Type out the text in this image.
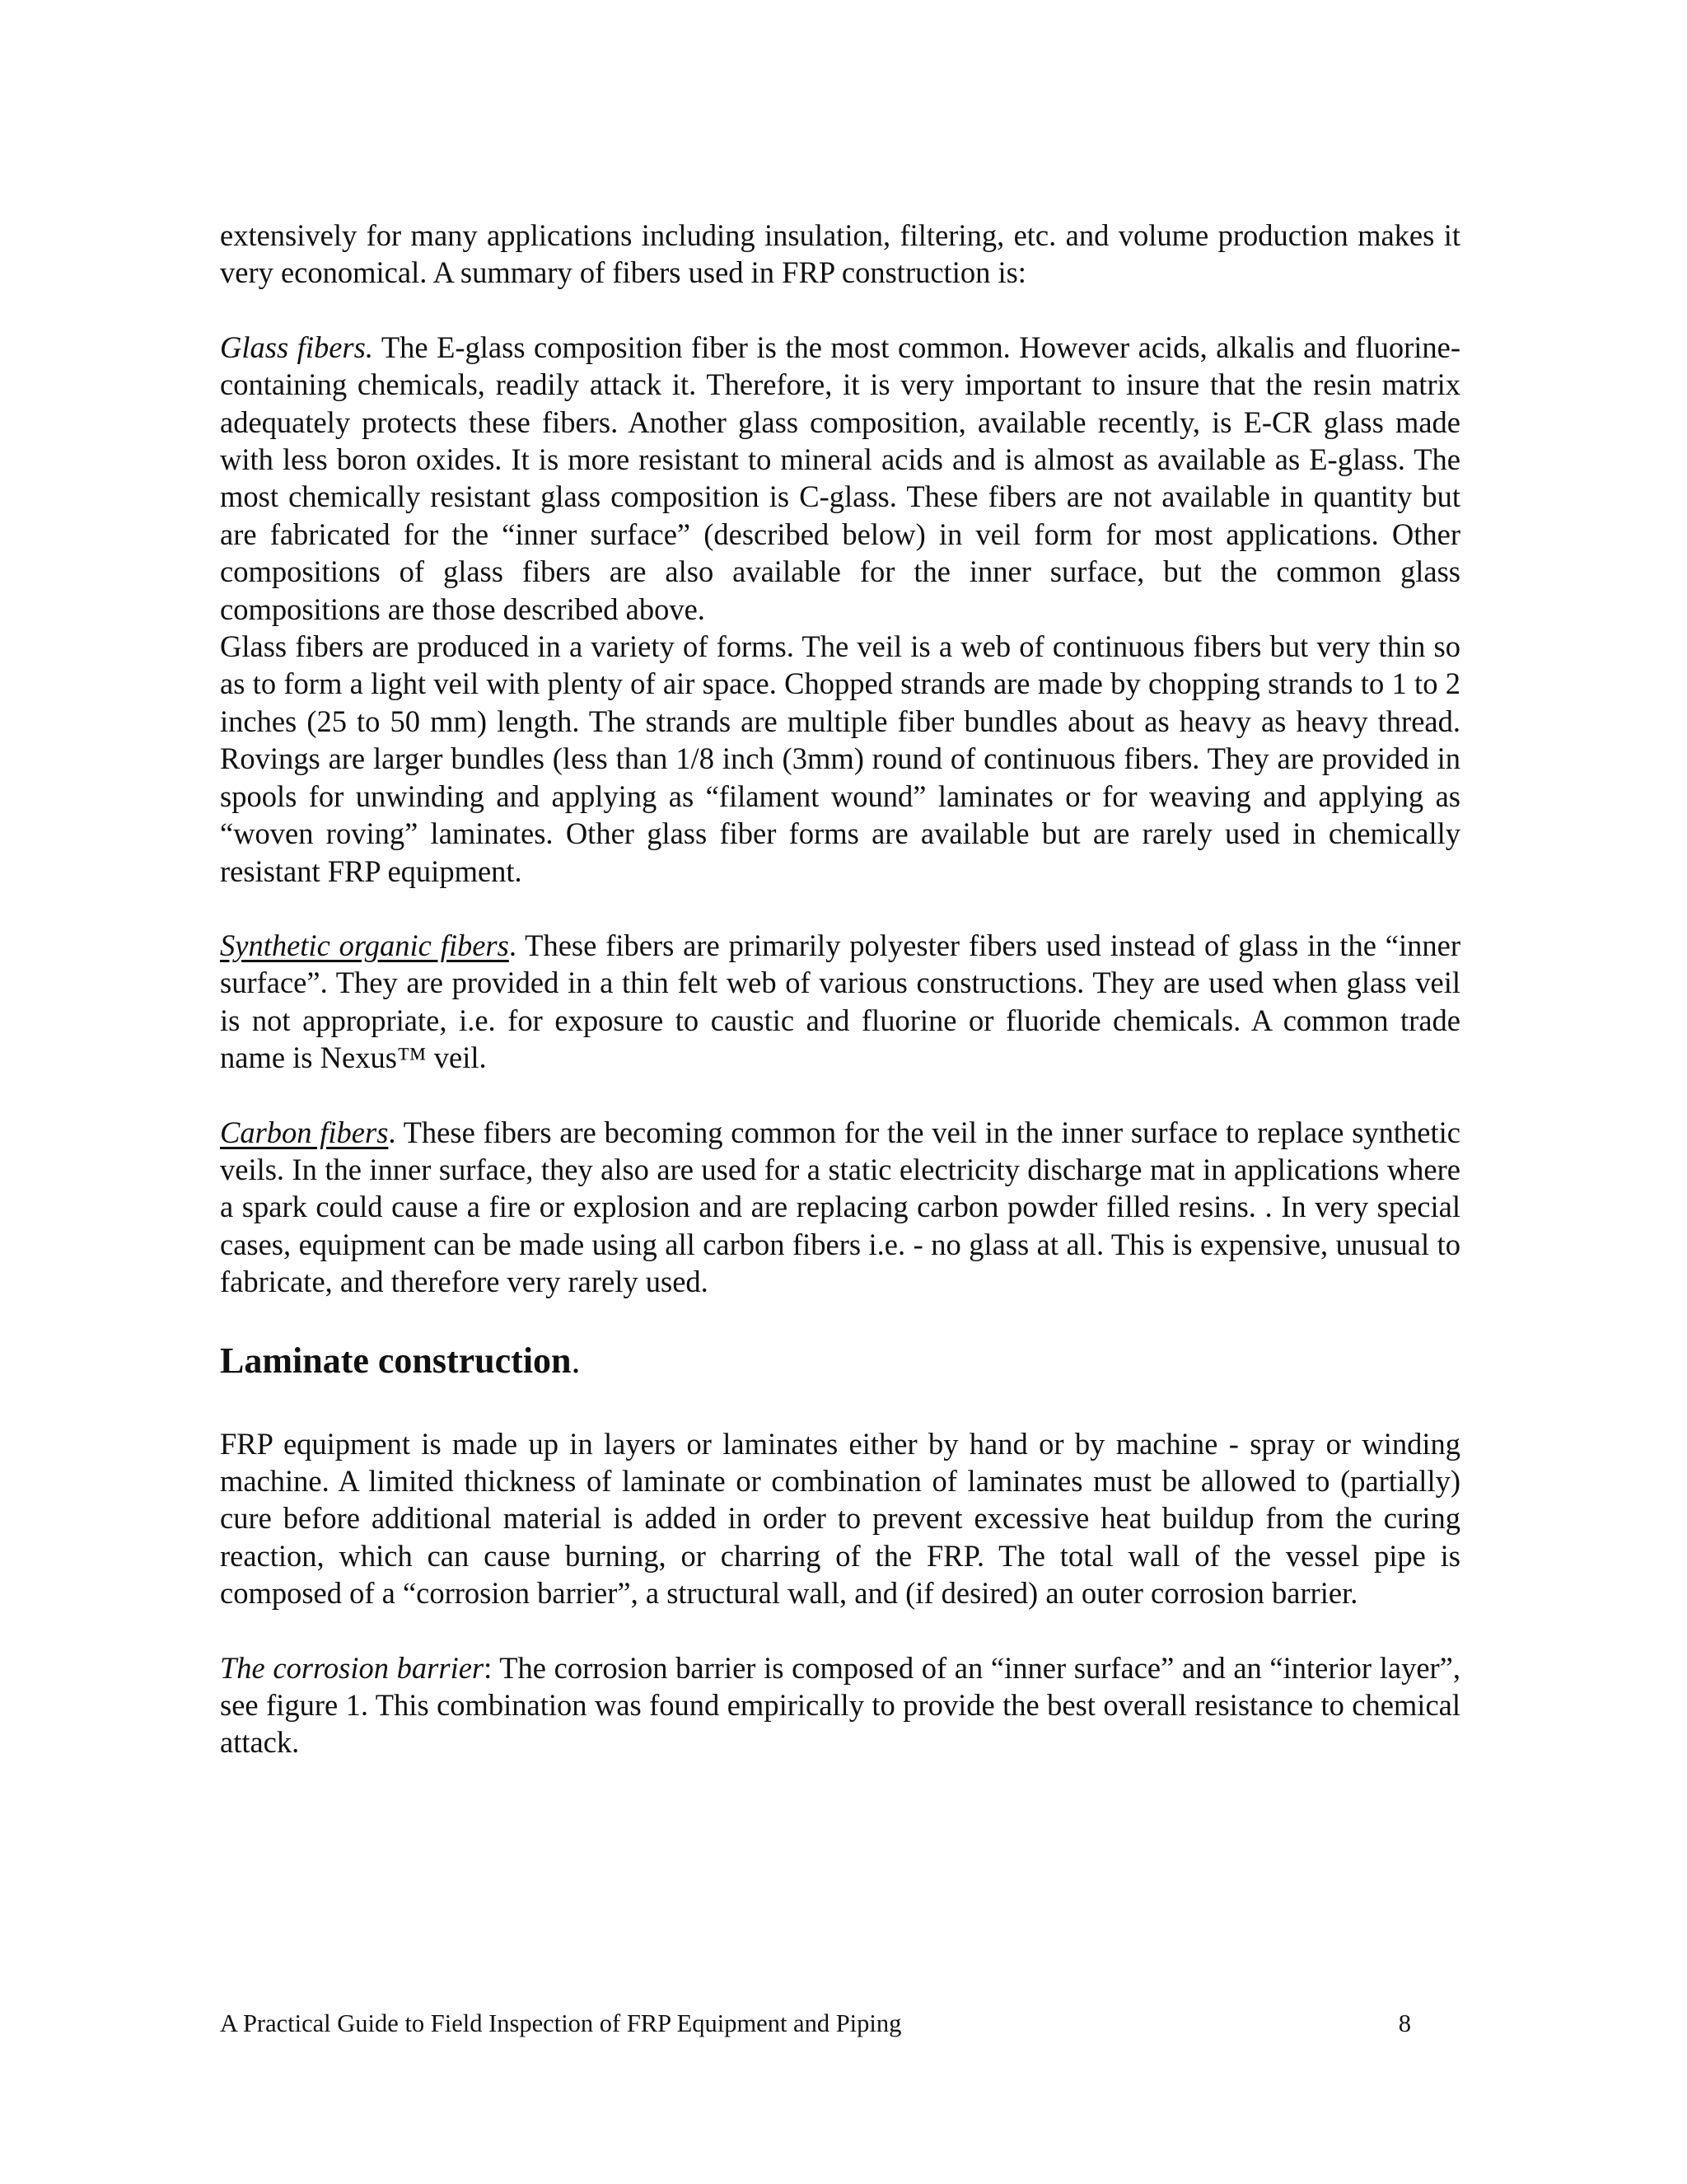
extensively for many applications including insulation, filtering, etc. and volume production makes it very economical. A summary of fibers used in FRP construction is:

Glass fibers. The E-glass composition fiber is the most common. However acids, alkalis and fluorine-containing chemicals, readily attack it. Therefore, it is very important to insure that the resin matrix adequately protects these fibers. Another glass composition, available recently, is E-CR glass made with less boron oxides. It is more resistant to mineral acids and is almost as available as E-glass. The most chemically resistant glass composition is C-glass. These fibers are not available in quantity but are fabricated for the “inner surface” (described below) in veil form for most applications. Other compositions of glass fibers are also available for the inner surface, but the common glass compositions are those described above.

Glass fibers are produced in a variety of forms. The veil is a web of continuous fibers but very thin so as to form a light veil with plenty of air space. Chopped strands are made by chopping strands to 1 to 2 inches (25 to 50 mm) length. The strands are multiple fiber bundles about as heavy as heavy thread. Rovings are larger bundles (less than 1/8 inch (3mm) round of continuous fibers. They are provided in spools for unwinding and applying as “filament wound” laminates or for weaving and applying as “woven roving” laminates. Other glass fiber forms are available but are rarely used in chemically resistant FRP equipment.

Synthetic organic fibers. These fibers are primarily polyester fibers used instead of glass in the “inner surface”. They are provided in a thin felt web of various constructions. They are used when glass veil is not appropriate, i.e. for exposure to caustic and fluorine or fluoride chemicals. A common trade name is Nexus™ veil.

Carbon fibers. These fibers are becoming common for the veil in the inner surface to replace synthetic veils. In the inner surface, they also are used for a static electricity discharge mat in applications where a spark could cause a fire or explosion and are replacing carbon powder filled resins. . In very special cases, equipment can be made using all carbon fibers i.e. - no glass at all. This is expensive, unusual to fabricate, and therefore very rarely used.

Laminate construction.

FRP equipment is made up in layers or laminates either by hand or by machine - spray or winding machine. A limited thickness of laminate or combination of laminates must be allowed to (partially) cure before additional material is added in order to prevent excessive heat buildup from the curing reaction, which can cause burning, or charring of the FRP. The total wall of the vessel pipe is composed of a “corrosion barrier”, a structural wall, and (if desired) an outer corrosion barrier.

The corrosion barrier: The corrosion barrier is composed of an “inner surface” and an “interior layer”, see figure 1. This combination was found empirically to provide the best overall resistance to chemical attack.

A Practical Guide to Field Inspection of FRP Equipment and Piping	8
